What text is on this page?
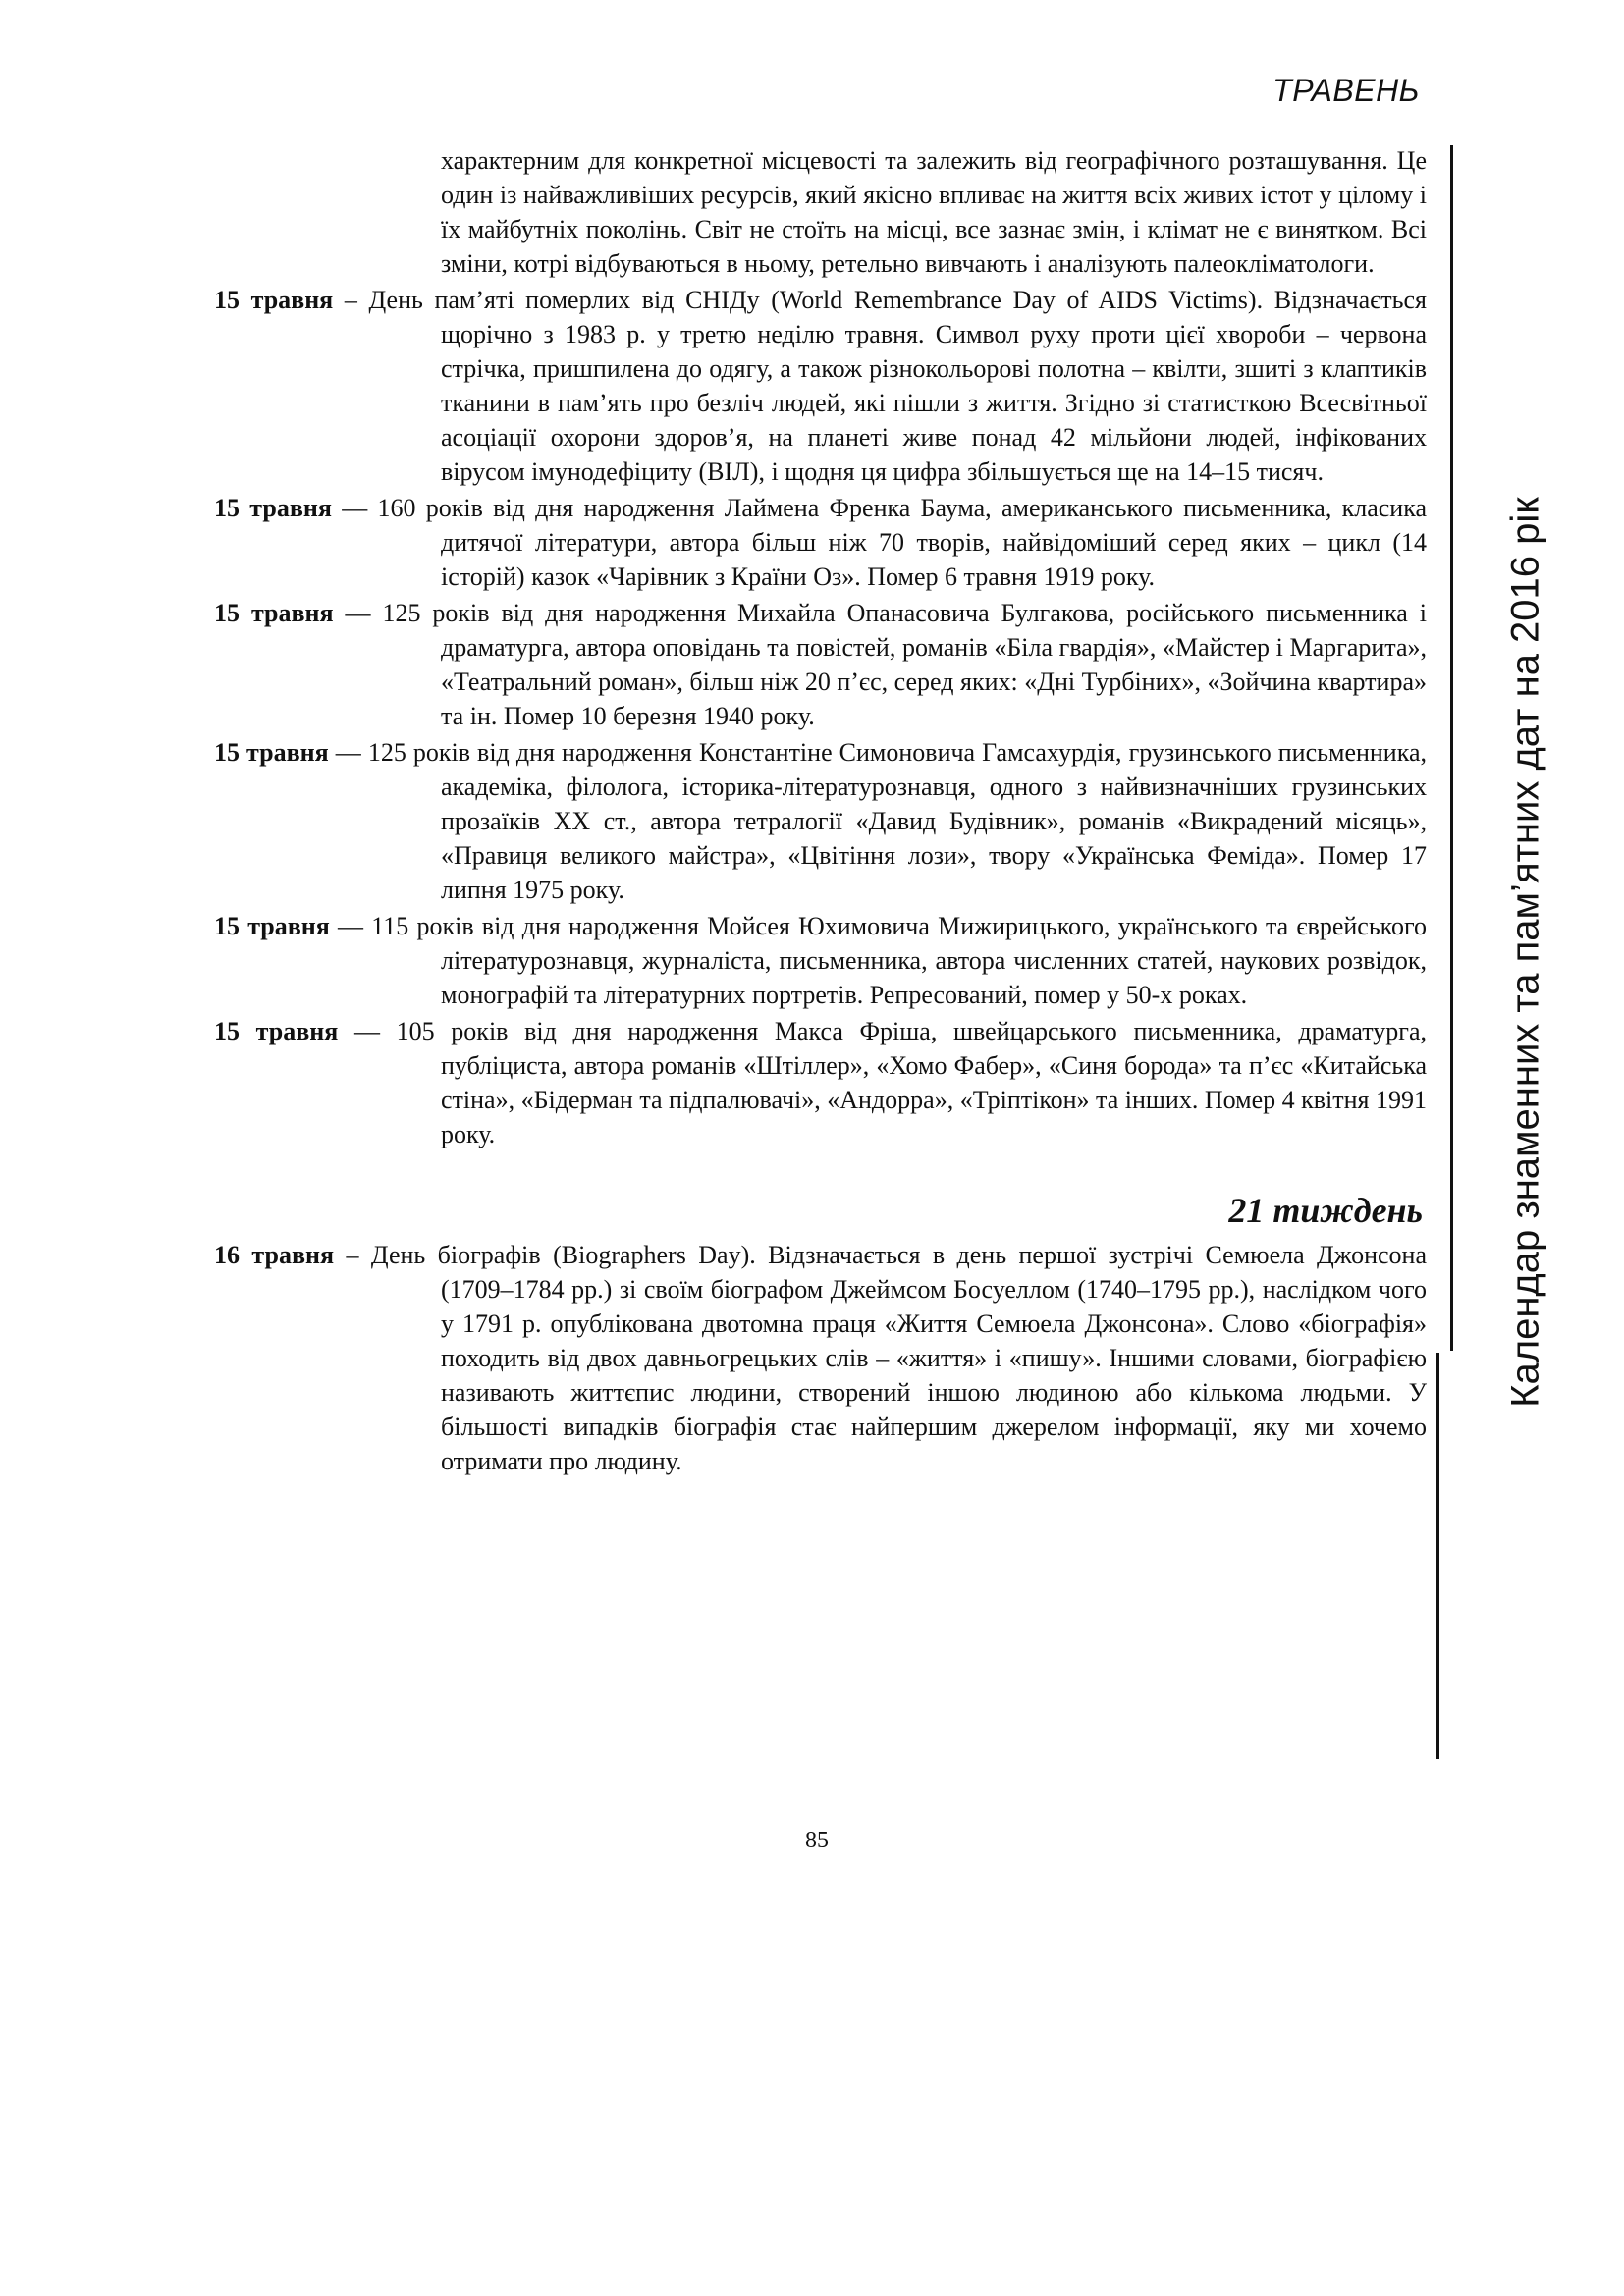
ТРАВЕНЬ
Календар знаменних та пам’ятних дат на 2016 рік

характерним для конкретної місцевості та залежить від географічного розташування. Це один із найважливіших ресурсів, який якісно впливає на життя всіх живих істот у цілому і їх майбутніх поколінь. Світ не стоїть на місці, все зазнає змін, і клімат не є винятком. Всі зміни, котрі відбуваються в ньому, ретельно вивчають і аналізують палеокліматологи.

15 травня – День пам’яті померлих від СНІДу (World Remembrance Day of AIDS Victims). Відзначається щорічно з 1983 р. у третю неділю травня. Символ руху проти цієї хвороби – червона стрічка, пришпилена до одягу, а також різнокольорові полотна – квілти, зшиті з клаптиків тканини в пам’ять про безліч людей, які пішли з життя. Згідно зі статисткою Всесвітньої асоціації охорони здоров’я, на планеті живе понад 42 мільйони людей, інфікованих вірусом імунодефіциту (ВІЛ), і щодня ця цифра збільшується ще на 14–15 тисяч.

15 травня — 160 років від дня народження Лаймена Френка Баума, американського письменника, класика дитячої літератури, автора більш ніж 70 творів, найвідоміший серед яких – цикл (14 історій) казок «Чарівник з Країни Оз». Помер 6 травня 1919 року.

15 травня — 125 років від дня народження Михайла Опанасовича Булгакова, російського письменника і драматурга, автора оповідань та повістей, романів «Біла гвардія», «Майстер і Маргарита», «Театральний роман», більш ніж 20 п’єс, серед яких: «Дні Турбіних», «Зойчина квартира» та ін. Помер 10 березня 1940 року.

15 травня — 125 років від дня народження Константіне Симоновича Гамсахурдія, грузинського письменника, академіка, філолога, історика-літературознавця, одного з найвизначніших грузинських прозаїків XX ст., автора тетралогії «Давид Будівник», романів «Викрадений місяць», «Правиця великого майстра», «Цвітіння лози», твору «Українська Феміда». Помер 17 липня 1975 року.

15 травня — 115 років від дня народження Мойсея Юхимовича Мижирицького, українського та єврейського літературознавця, журналіста, письменника, автора численних статей, наукових розвідок, монографій та літературних портретів. Репресований, помер у 50-х роках.

15 травня — 105 років від дня народження Макса Фріша, швейцарського письменника, драматурга, публіциста, автора романів «Штіллер», «Хомо Фабер», «Синя борода» та п’єс «Китайська стіна», «Бідерман та підпалювачі», «Андорра», «Тріптікон» та інших. Помер 4 квітня 1991 року.

21 тиждень

16 травня – День біографів (Biographers Day). Відзначається в день першої зустрічі Семюела Джонсона (1709–1784 рр.) зі своїм біографом Джеймсом Босуеллом (1740–1795 рр.), наслідком чого у 1791 р. опублікована двотомна праця «Життя Семюела Джонсона». Слово «біографія» походить від двох давньогрецьких слів – «життя» і «пишу». Іншими словами, біографією називають життєпис людини, створений іншою людиною або кількома людьми. У більшості випадків біографія стає найпершим джерелом інформації, яку ми хочемо отримати про людину.

85
